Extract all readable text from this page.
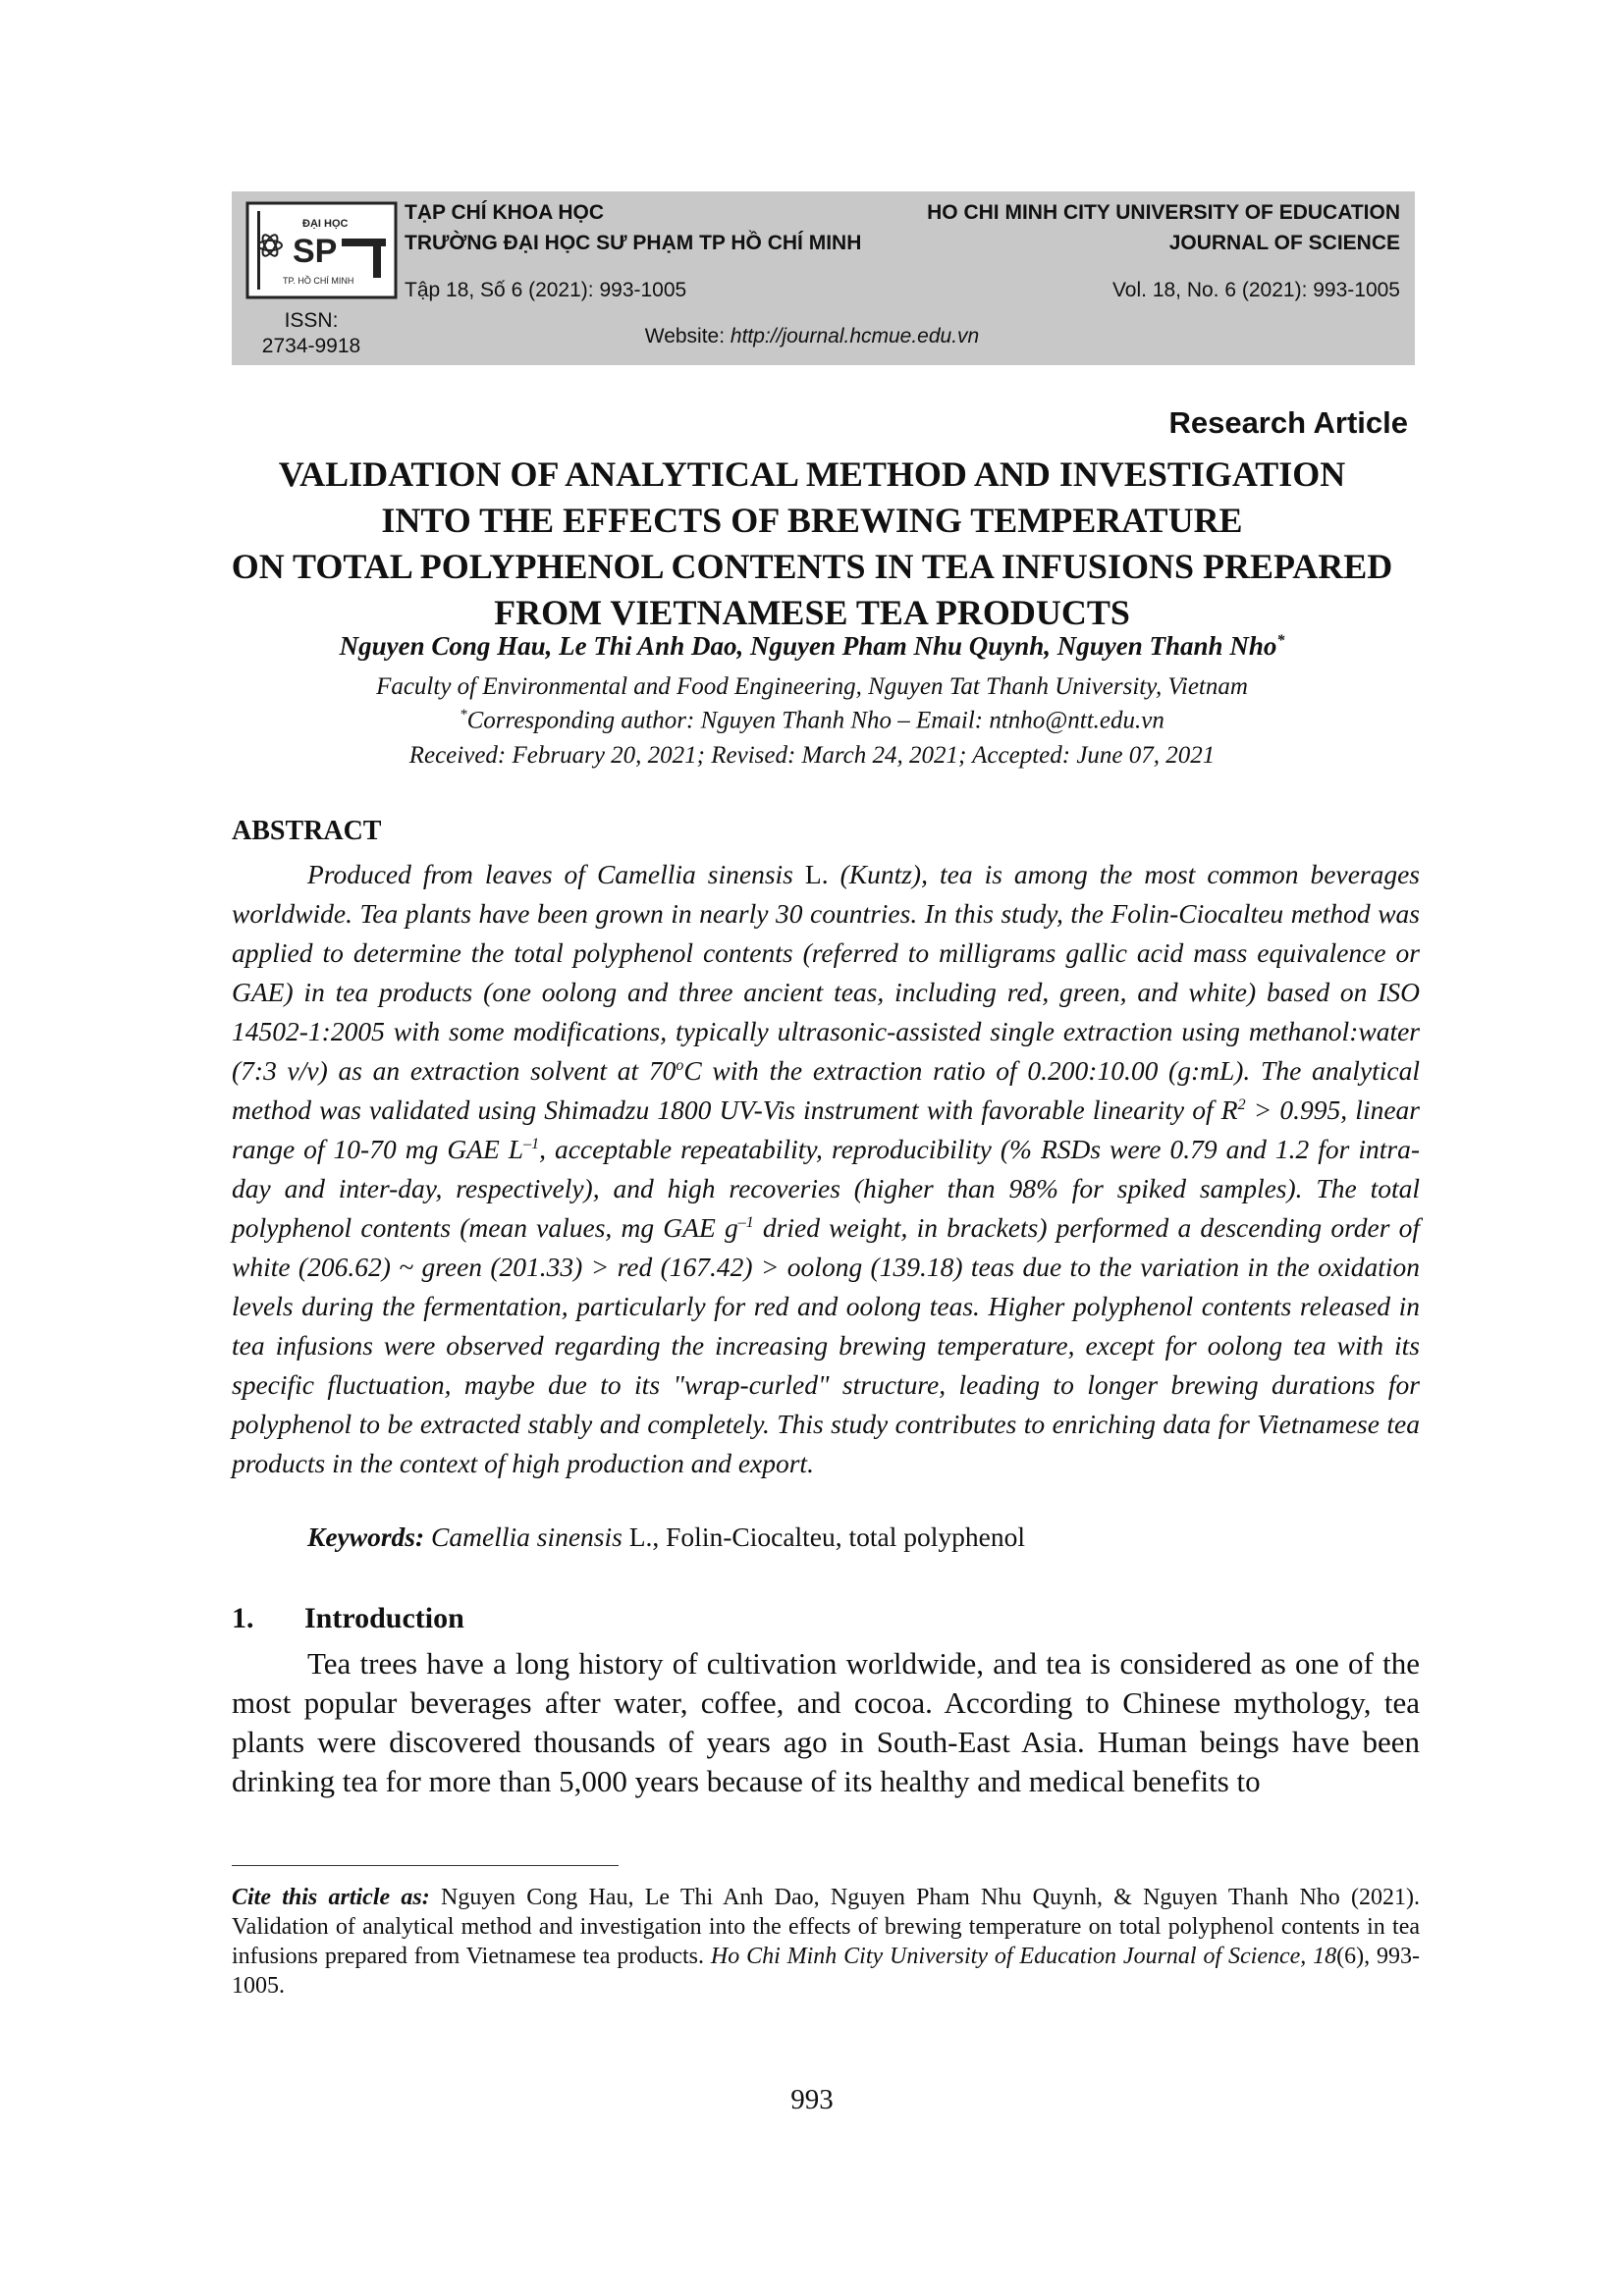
ĐẠI HỌC
SP
TP. HỒ CHÍ MINH
ISSN:
2734-9918
TẠP CHÍ KHOA HỌC
TRƯỜNG ĐẠI HỌC SƯ PHẠM TP HỒ CHÍ MINH
HO CHI MINH CITY UNIVERSITY OF EDUCATION
JOURNAL OF SCIENCE
Tập 18, Số 6 (2021): 993-1005	Vol. 18, No. 6 (2021): 993-1005
Website: http://journal.hcmue.edu.vn
Research Article
VALIDATION OF ANALYTICAL METHOD AND INVESTIGATION
INTO THE EFFECTS OF BREWING TEMPERATURE
ON TOTAL POLYPHENOL CONTENTS IN TEA INFUSIONS PREPARED
FROM VIETNAMESE TEA PRODUCTS
Nguyen Cong Hau, Le Thi Anh Dao, Nguyen Pham Nhu Quynh, Nguyen Thanh Nho*
Faculty of Environmental and Food Engineering, Nguyen Tat Thanh University, Vietnam
*Corresponding author: Nguyen Thanh Nho – Email: ntnho@ntt.edu.vn
Received: February 20, 2021; Revised: March 24, 2021; Accepted: June 07, 2021
ABSTRACT
Produced from leaves of Camellia sinensis L. (Kuntz), tea is among the most common beverages worldwide. Tea plants have been grown in nearly 30 countries. In this study, the Folin-Ciocalteu method was applied to determine the total polyphenol contents (referred to milligrams gallic acid mass equivalence or GAE) in tea products (one oolong and three ancient teas, including red, green, and white) based on ISO 14502-1:2005 with some modifications, typically ultrasonic-assisted single extraction using methanol:water (7:3 v/v) as an extraction solvent at 70$^o$C with the extraction ratio of 0.200:10.00 (g:mL). The analytical method was validated using Shimadzu 1800 UV-Vis instrument with favorable linearity of $R^2 > 0.995$, linear range of 10-70 mg GAE $L^{-1}$, acceptable repeatability, reproducibility (% RSDs were 0.79 and 1.2 for intra-day and inter-day, respectively), and high recoveries (higher than 98% for spiked samples). The total polyphenol contents (mean values, mg GAE $g^{-1}$ dried weight, in brackets) performed a descending order of white (206.62) ~ green (201.33) > red (167.42) > oolong (139.18) teas due to the variation in the oxidation levels during the fermentation, particularly for red and oolong teas. Higher polyphenol contents released in tea infusions were observed regarding the increasing brewing temperature, except for oolong tea with its specific fluctuation, maybe due to its "wrap-curled" structure, leading to longer brewing durations for polyphenol to be extracted stably and completely. This study contributes to enriching data for Vietnamese tea products in the context of high production and export.
Keywords: Camellia sinensis L., Folin-Ciocalteu, total polyphenol
1. Introduction
Tea trees have a long history of cultivation worldwide, and tea is considered as one of the most popular beverages after water, coffee, and cocoa. According to Chinese mythology, tea plants were discovered thousands of years ago in South-East Asia. Human beings have been drinking tea for more than 5,000 years because of its healthy and medical benefits to
Cite this article as: Nguyen Cong Hau, Le Thi Anh Dao, Nguyen Pham Nhu Quynh, & Nguyen Thanh Nho (2021). Validation of analytical method and investigation into the effects of brewing temperature on total polyphenol contents in tea infusions prepared from Vietnamese tea products. Ho Chi Minh City University of Education Journal of Science, 18(6), 993-1005.
993
